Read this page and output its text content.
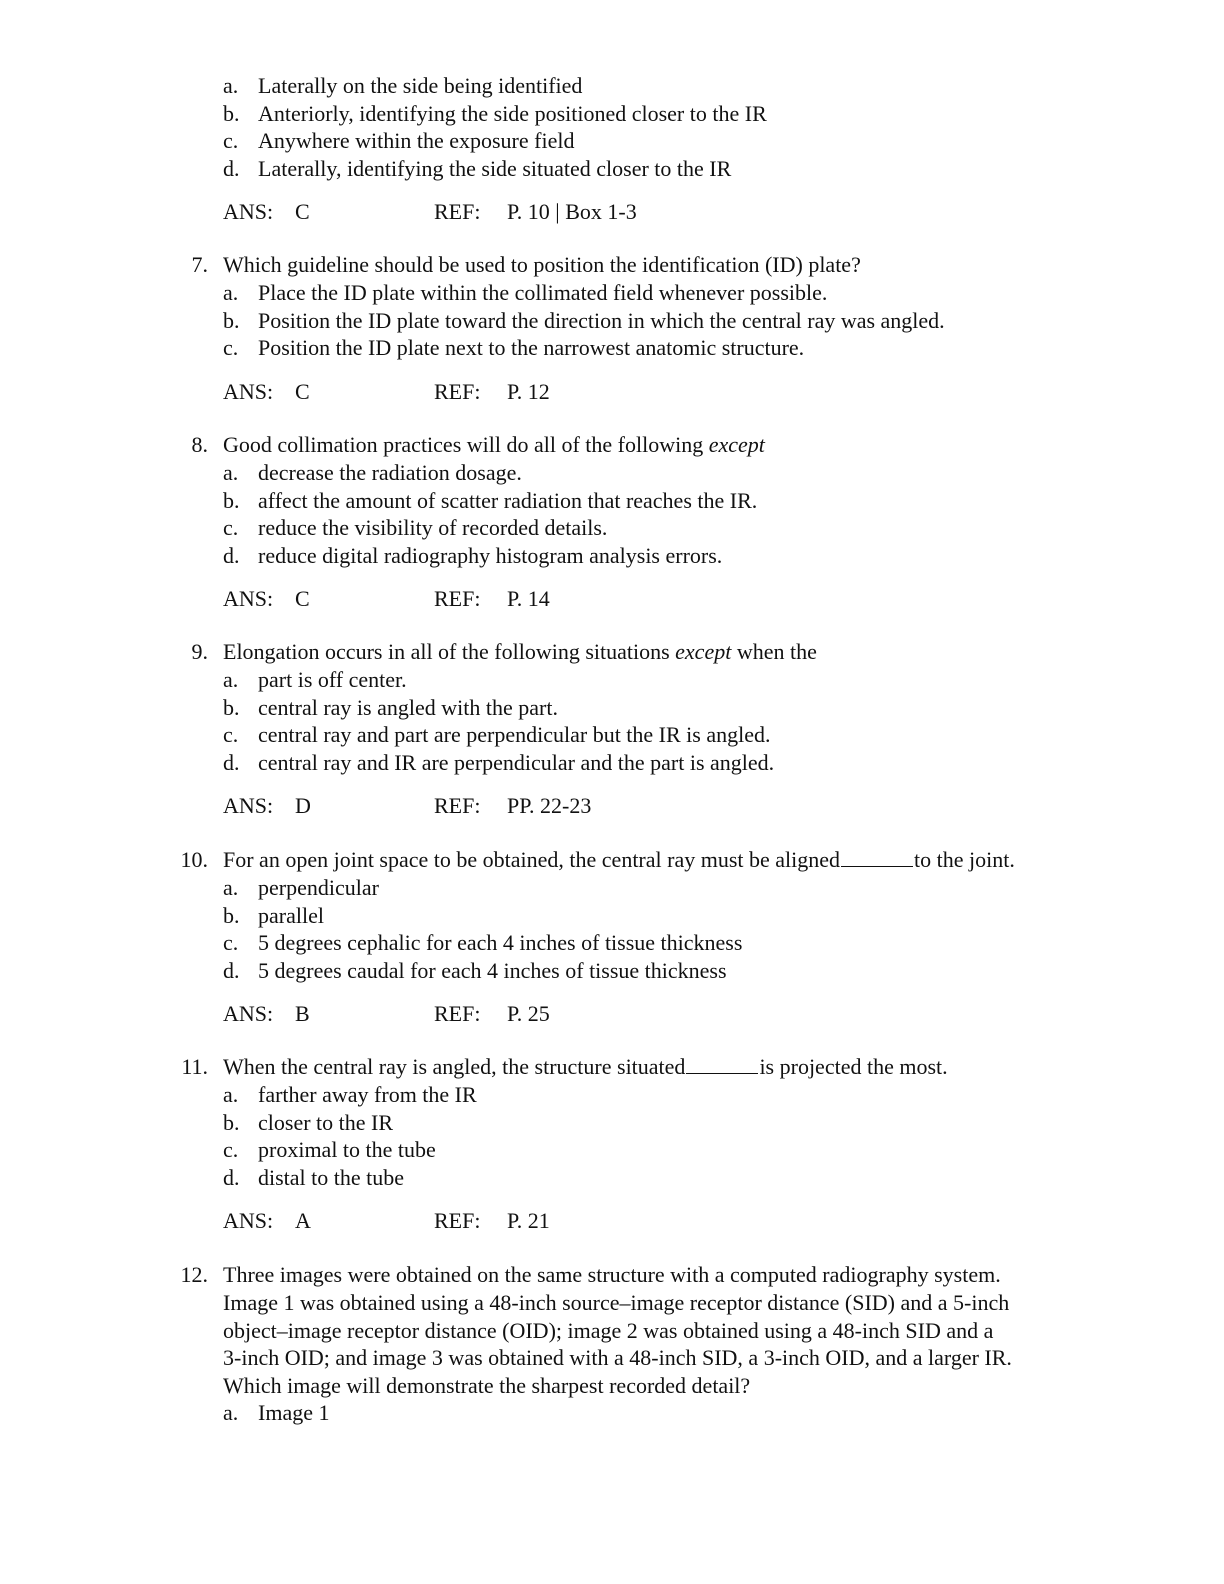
a. Laterally on the side being identified
b. Anteriorly, identifying the side positioned closer to the IR
c. Anywhere within the exposure field
d. Laterally, identifying the side situated closer to the IR
ANS: C	REF: P. 10 | Box 1-3
7. Which guideline should be used to position the identification (ID) plate?
a. Place the ID plate within the collimated field whenever possible.
b. Position the ID plate toward the direction in which the central ray was angled.
c. Position the ID plate next to the narrowest anatomic structure.
ANS: C	REF: P. 12
8. Good collimation practices will do all of the following except
a. decrease the radiation dosage.
b. affect the amount of scatter radiation that reaches the IR.
c. reduce the visibility of recorded details.
d. reduce digital radiography histogram analysis errors.
ANS: C	REF: P. 14
9. Elongation occurs in all of the following situations except when the
a. part is off center.
b. central ray is angled with the part.
c. central ray and part are perpendicular but the IR is angled.
d. central ray and IR are perpendicular and the part is angled.
ANS: D	REF: PP. 22-23
10. For an open joint space to be obtained, the central ray must be aligned	to the joint.
a. perpendicular
b. parallel
c. 5 degrees cephalic for each 4 inches of tissue thickness
d. 5 degrees caudal for each 4 inches of tissue thickness
ANS: B	REF: P. 25
11. When the central ray is angled, the structure situated	is projected the most.
a. farther away from the IR
b. closer to the IR
c. proximal to the tube
d. distal to the tube
ANS: A	REF: P. 21
12. Three images were obtained on the same structure with a computed radiography system.
Image 1 was obtained using a 48-inch source–image receptor distance (SID) and a 5-inch
object–image receptor distance (OID); image 2 was obtained using a 48-inch SID and a
3-inch OID; and image 3 was obtained with a 48-inch SID, a 3-inch OID, and a larger IR.
Which image will demonstrate the sharpest recorded detail?
a. Image 1
